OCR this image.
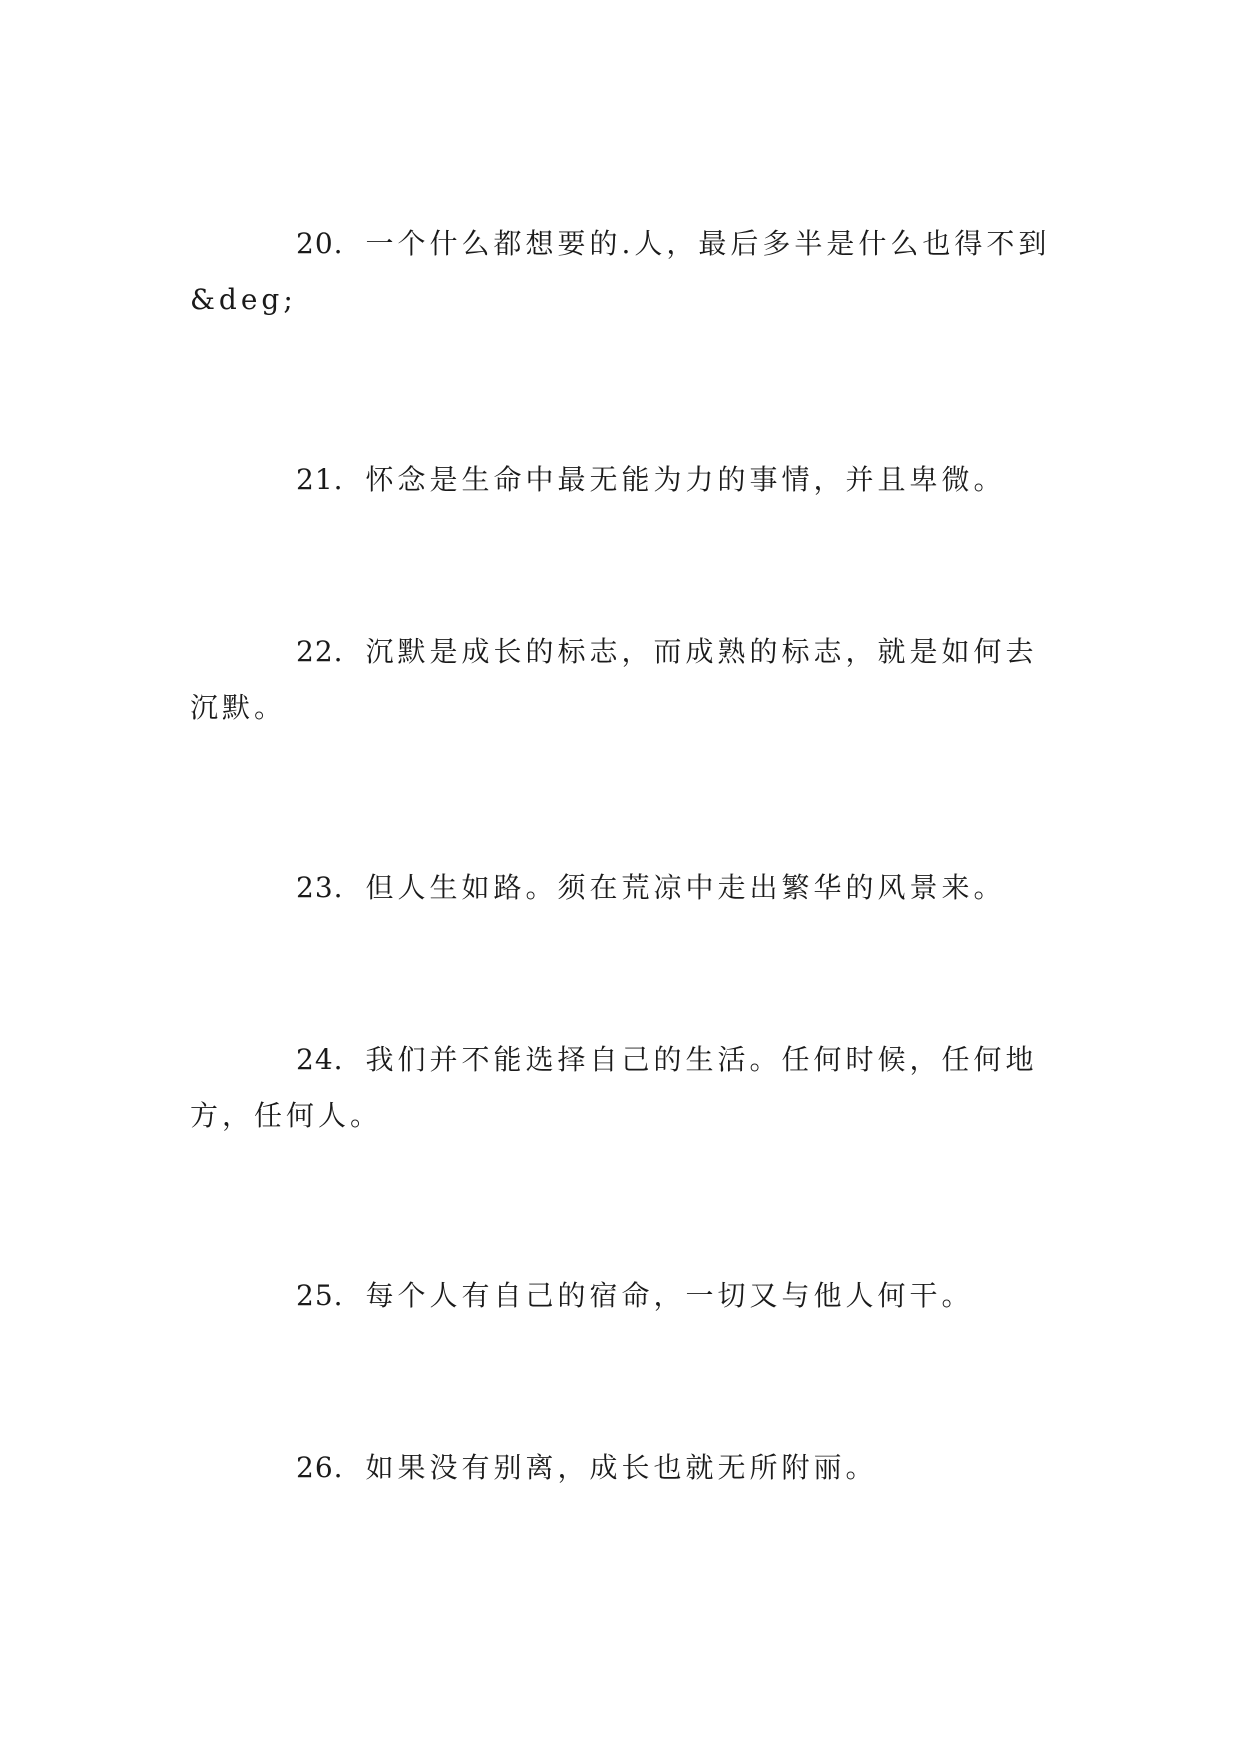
20. 一个什么都想要的.人，最后多半是什么也得不到&deg;

21. 怀念是生命中最无能为力的事情，并且卑微。

22. 沉默是成长的标志，而成熟的标志，就是如何去沉默。

23. 但人生如路。须在荒凉中走出繁华的风景来。

24. 我们并不能选择自己的生活。任何时候，任何地方，任何人。

25. 每个人有自己的宿命，一切又与他人何干。

26. 如果没有别离，成长也就无所附丽。
